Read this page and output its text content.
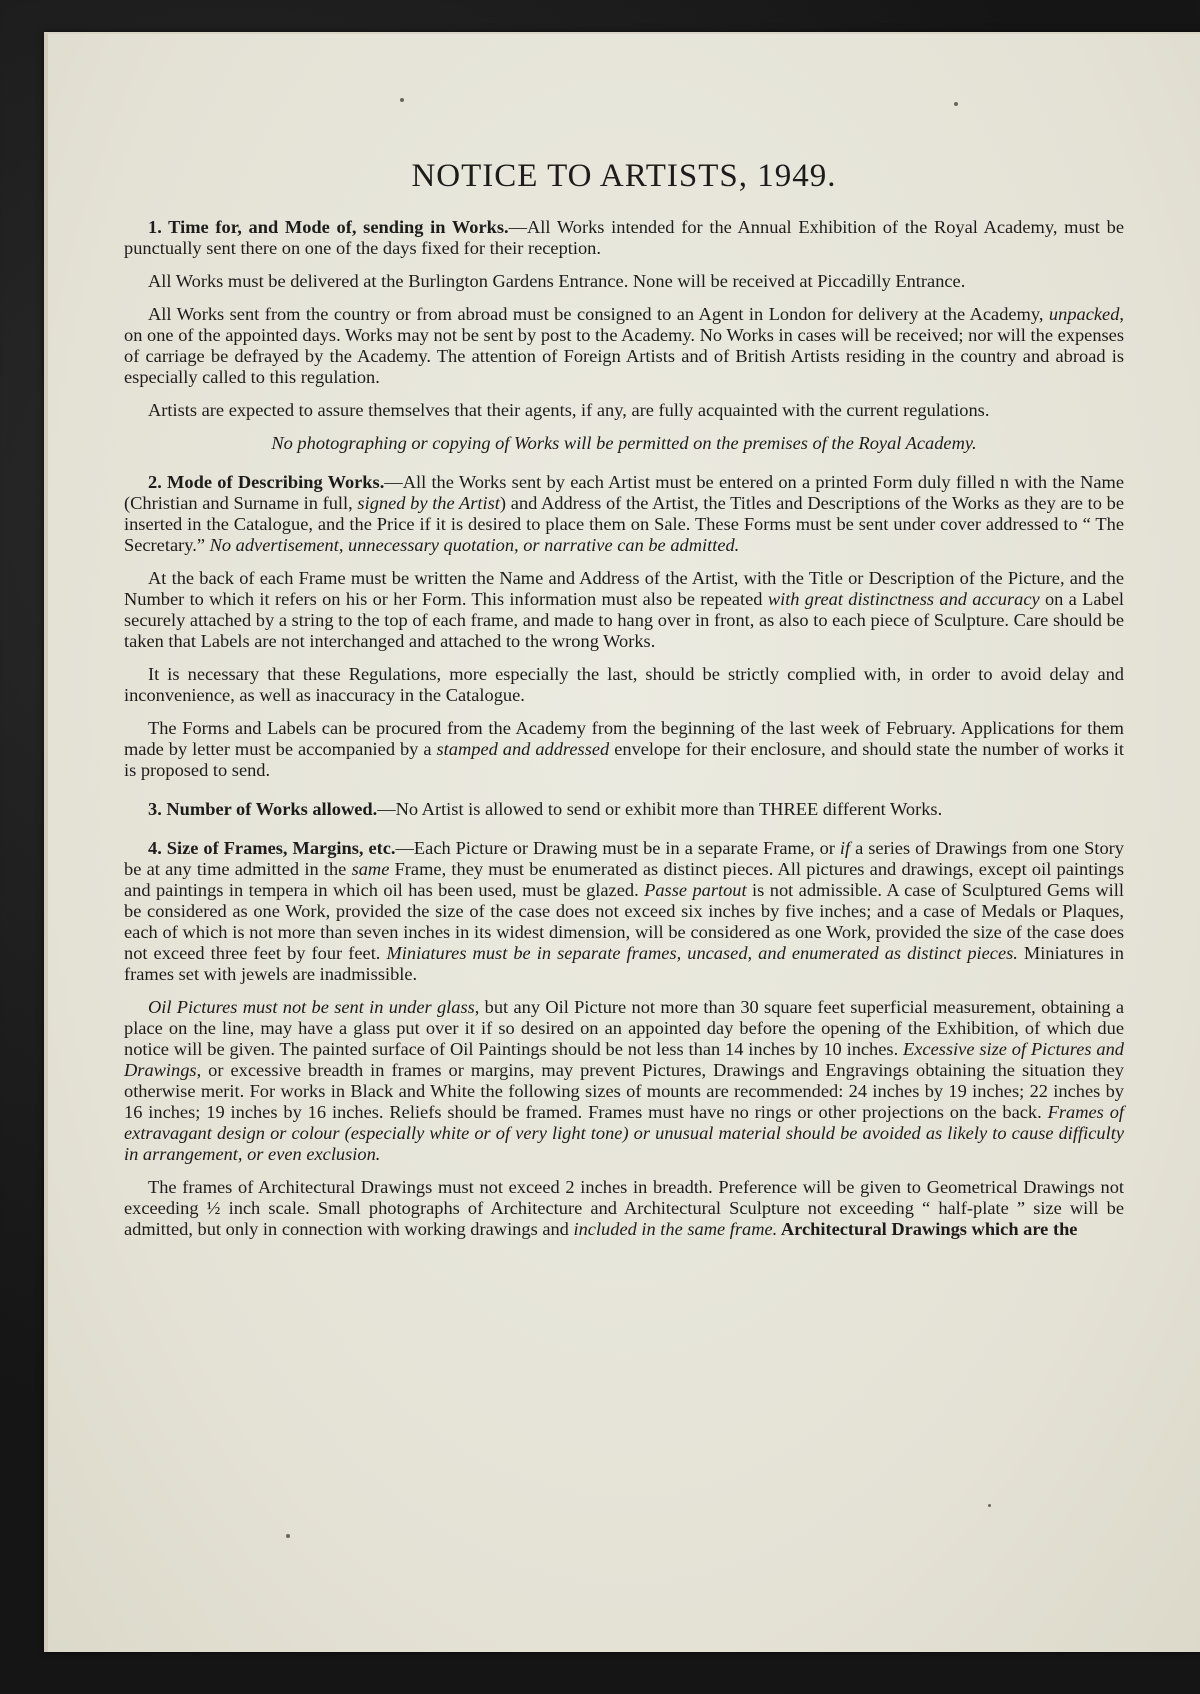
NOTICE TO ARTISTS, 1949.

1. Time for, and Mode of, sending in Works.—All Works intended for the Annual Exhibition of the Royal Academy, must be punctually sent there on one of the days fixed for their reception.

All Works must be delivered at the Burlington Gardens Entrance. None will be received at Piccadilly Entrance.

All Works sent from the country or from abroad must be consigned to an Agent in London for delivery at the Academy, unpacked, on one of the appointed days. Works may not be sent by post to the Academy. No Works in cases will be received; nor will the expenses of carriage be defrayed by the Academy. The attention of Foreign Artists and of British Artists residing in the country and abroad is especially called to this regulation.

Artists are expected to assure themselves that their agents, if any, are fully acquainted with the current regulations.

No photographing or copying of Works will be permitted on the premises of the Royal Academy.

2. Mode of Describing Works.—All the Works sent by each Artist must be entered on a printed Form duly filled n with the Name (Christian and Surname in full, signed by the Artist) and Address of the Artist, the Titles and Descriptions of the Works as they are to be inserted in the Catalogue, and the Price if it is desired to place them on Sale. These Forms must be sent under cover addressed to “ The Secretary.” No advertisement, unnecessary quotation, or narrative can be admitted.

At the back of each Frame must be written the Name and Address of the Artist, with the Title or Description of the Picture, and the Number to which it refers on his or her Form. This information must also be repeated with great distinctness and accuracy on a Label securely attached by a string to the top of each frame, and made to hang over in front, as also to each piece of Sculpture. Care should be taken that Labels are not interchanged and attached to the wrong Works.

It is necessary that these Regulations, more especially the last, should be strictly complied with, in order to avoid delay and inconvenience, as well as inaccuracy in the Catalogue.

The Forms and Labels can be procured from the Academy from the beginning of the last week of February. Applications for them made by letter must be accompanied by a stamped and addressed envelope for their enclosure, and should state the number of works it is proposed to send.

3. Number of Works allowed.—No Artist is allowed to send or exhibit more than THREE different Works.

4. Size of Frames, Margins, etc.—Each Picture or Drawing must be in a separate Frame, or if a series of Drawings from one Story be at any time admitted in the same Frame, they must be enumerated as distinct pieces. All pictures and drawings, except oil paintings and paintings in tempera in which oil has been used, must be glazed. Passe partout is not admissible. A case of Sculptured Gems will be considered as one Work, provided the size of the case does not exceed six inches by five inches; and a case of Medals or Plaques, each of which is not more than seven inches in its widest dimension, will be considered as one Work, provided the size of the case does not exceed three feet by four feet. Miniatures must be in separate frames, uncased, and enumerated as distinct pieces. Miniatures in frames set with jewels are inadmissible.

Oil Pictures must not be sent in under glass, but any Oil Picture not more than 30 square feet superficial measurement, obtaining a place on the line, may have a glass put over it if so desired on an appointed day before the opening of the Exhibition, of which due notice will be given. The painted surface of Oil Paintings should be not less than 14 inches by 10 inches. Excessive size of Pictures and Drawings, or excessive breadth in frames or margins, may prevent Pictures, Drawings and Engravings obtaining the situation they otherwise merit. For works in Black and White the following sizes of mounts are recommended: 24 inches by 19 inches; 22 inches by 16 inches; 19 inches by 16 inches. Reliefs should be framed. Frames must have no rings or other projections on the back. Frames of extravagant design or colour (especially white or of very light tone) or unusual material should be avoided as likely to cause difficulty in arrangement, or even exclusion.

The frames of Architectural Drawings must not exceed 2 inches in breadth. Preference will be given to Geometrical Drawings not exceeding ½ inch scale. Small photographs of Architecture and Architectural Sculpture not exceeding “ half-plate ” size will be admitted, but only in connection with working drawings and included in the same frame. Architectural Drawings which are the
